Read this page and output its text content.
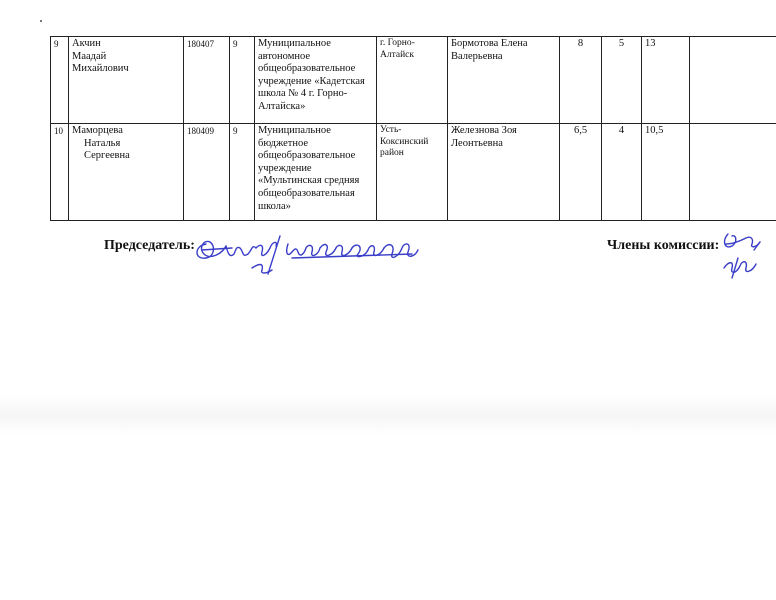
9	Акчин
Маадай
Михайлович	180407	9	Муниципальное автономное общеобразовательное учреждение «Кадетская школа № 4 г. Горно-Алтайска»	г. Горно-Алтайск	Бормотова Елена Валерьевна	8	5	13	
10	Маморцева
Наталья
Сергеевна	180409	9	Муниципальное бюджетное общеобразовательное учреждение «Мультинская средняя общеобразовательная школа»	Усть-Коксинский район	Железнова Зоя Леонтьевна	6,5	4	10,5	
Председатель:	Члены комиссии:
